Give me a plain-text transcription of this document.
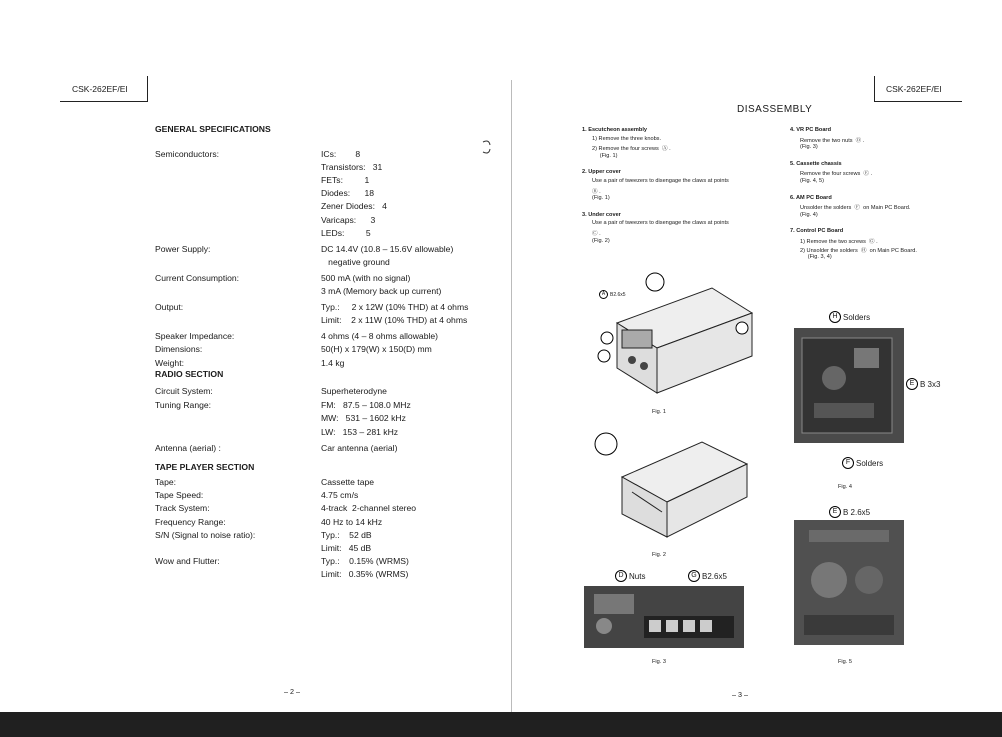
CSK-262EF/EI
GENERAL SPECIFICATIONS
Semiconductors:	ICs:        8
Transistors:   31
FETs:         1
Diodes:      18
Zener Diodes:   4
Varicaps:      3
LEDs:         5
Power Supply:	DC 14.4V (10.8 – 15.6V allowable)
negative ground
Current Consumption:	500 mA (with no signal)
3 mA (Memory back up current)
Output:	Typ.:     2 x 12W (10% THD) at 4 ohms
Limit:    2 x 11W (10% THD) at 4 ohms
Speaker Impedance:	4 ohms (4 – 8 ohms allowable)
Dimensions:	50(H) x 179(W) x 150(D) mm
Weight:	1.4 kg
RADIO SECTION
Circuit System:	Superheterodyne
Tuning Range:	FM:   87.5 – 108.0 MHz
MW:   531 – 1602 kHz
LW:   153 – 281 kHz
Antenna (aerial) :	Car antenna (aerial)
TAPE PLAYER SECTION
Tape:	Cassette tape
Tape Speed:	4.75 cm/s
Track System:	4-track  2-channel stereo
Frequency Range:	40 Hz to 14 kHz
S/N (Signal to noise ratio):	Typ.:    52 dB
Limit:   45 dB
Wow and Flutter:	Typ.:    0.15% (WRMS)
Limit:   0.35% (WRMS)
– 2 –
CSK-262EF/EI
DISASSEMBLY
1. Escutcheon assembly
1) Remove the three knobs.
2) Remove the four screws  Ⓐ .
(Fig. 1)
2. Upper cover
Use a pair of tweezers to disengage the claws at points
Ⓑ .
(Fig. 1)
3. Under cover
Use a pair of tweezers to disengage the claws at points
Ⓒ .
(Fig. 2)
4. VR PC Board
Remove the two nuts  Ⓓ .
(Fig. 3)
5. Cassette chassis
Remove the four screws  Ⓔ .
(Fig. 4, 5)
6. AM PC Board
Unsolder the solders  Ⓕ  on Main PC Board.
(Fig. 4)
7. Control PC Board
1) Remove the two screws  Ⓖ .
2) Unsolder the solders  Ⓗ  on Main PC Board.
(Fig. 3, 4)
A B2.6x5
Fig. 1
Fig. 2
D Nuts	G B2.6x5
Fig. 3
H Solders
E B 3x3
F Solders
Fig. 4
E B 2.6x5
Fig. 5
– 3 –
